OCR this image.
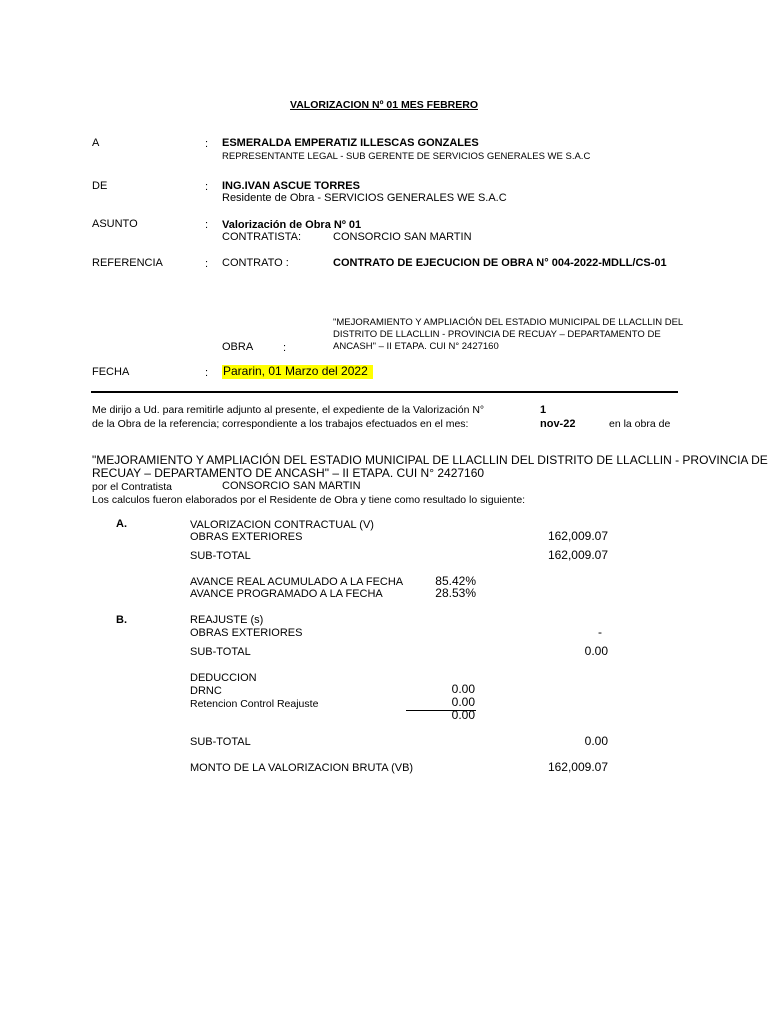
VALORIZACION Nº 01 MES FEBRERO
A	: ESMERALDA EMPERATIZ ILLESCAS GONZALES
REPRESENTANTE LEGAL - SUB GERENTE DE SERVICIOS GENERALES WE S.A.C
DE	: ING.IVAN ASCUE TORRES
Residente de Obra - SERVICIOS GENERALES WE S.A.C
ASUNTO	: Valorización de Obra Nº 01
CONTRATISTA:	CONSORCIO SAN MARTIN
REFERENCIA	: CONTRATO :	CONTRATO DE EJECUCION DE OBRA N° 004-2022-MDLL/CS-01
"MEJORAMIENTO Y AMPLIACIÓN DEL ESTADIO MUNICIPAL DE LLACLLIN DEL
DISTRITO DE LLACLLIN - PROVINCIA DE RECUAY – DEPARTAMENTO DE
ANCASH" – II ETAPA. CUI N° 2427160
OBRA	:
FECHA	: Pararin, 01 Marzo del 2022
Me dirijo a Ud. para remitirle adjunto al presente, el expediente de la Valorización N°	1
de la Obra de la referencia; correspondiente a los trabajos efectuados en el mes:	nov-22	en la obra de
"MEJORAMIENTO Y AMPLIACIÓN DEL ESTADIO MUNICIPAL DE LLACLLIN DEL DISTRITO DE LLACLLIN - PROVINCIA DE
RECUAY – DEPARTAMENTO DE ANCASH" – II ETAPA. CUI N° 2427160
por el Contratista	CONSORCIO SAN MARTIN
Los calculos fueron elaborados por el Residente de Obra y tiene como resultado lo siguiente:
A.	VALORIZACION CONTRACTUAL (V)
OBRAS EXTERIORES	162,009.07
SUB-TOTAL	162,009.07
AVANCE REAL ACUMULADO A LA FECHA	85.42%
AVANCE PROGRAMADO A LA FECHA	28.53%
B.	REAJUSTE (s)
OBRAS EXTERIORES	-
SUB-TOTAL	0.00
DEDUCCION
DRNC	0.00
Retencion Control Reajuste	0.00
0.00
SUB-TOTAL	0.00
MONTO DE LA VALORIZACION BRUTA (VB)	162,009.07
